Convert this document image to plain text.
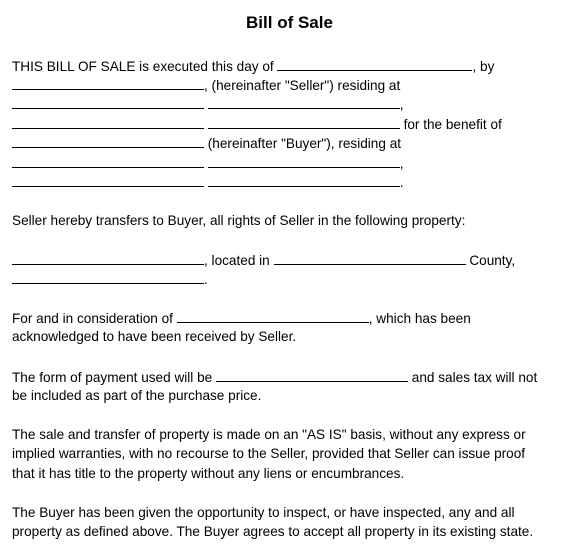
Bill of Sale
THIS BILL OF SALE is executed this day of	, by
, (hereinafter "Seller") residing at
,
for the benefit of
(hereinafter "Buyer"), residing at
,
.
Seller hereby transfers to Buyer, all rights of Seller in the following property:
, located in	County,
.
For and in consideration of	, which has been
acknowledged to have been received by Seller.
The form of payment used will be	and sales tax will not
be included as part of the purchase price.
The sale and transfer of property is made on an "AS IS" basis, without any express or
implied warranties, with no recourse to the Seller, provided that Seller can issue proof
that it has title to the property without any liens or encumbrances.
The Buyer has been given the opportunity to inspect, or have inspected, any and all
property as defined above. The Buyer agrees to accept all property in its existing state.
